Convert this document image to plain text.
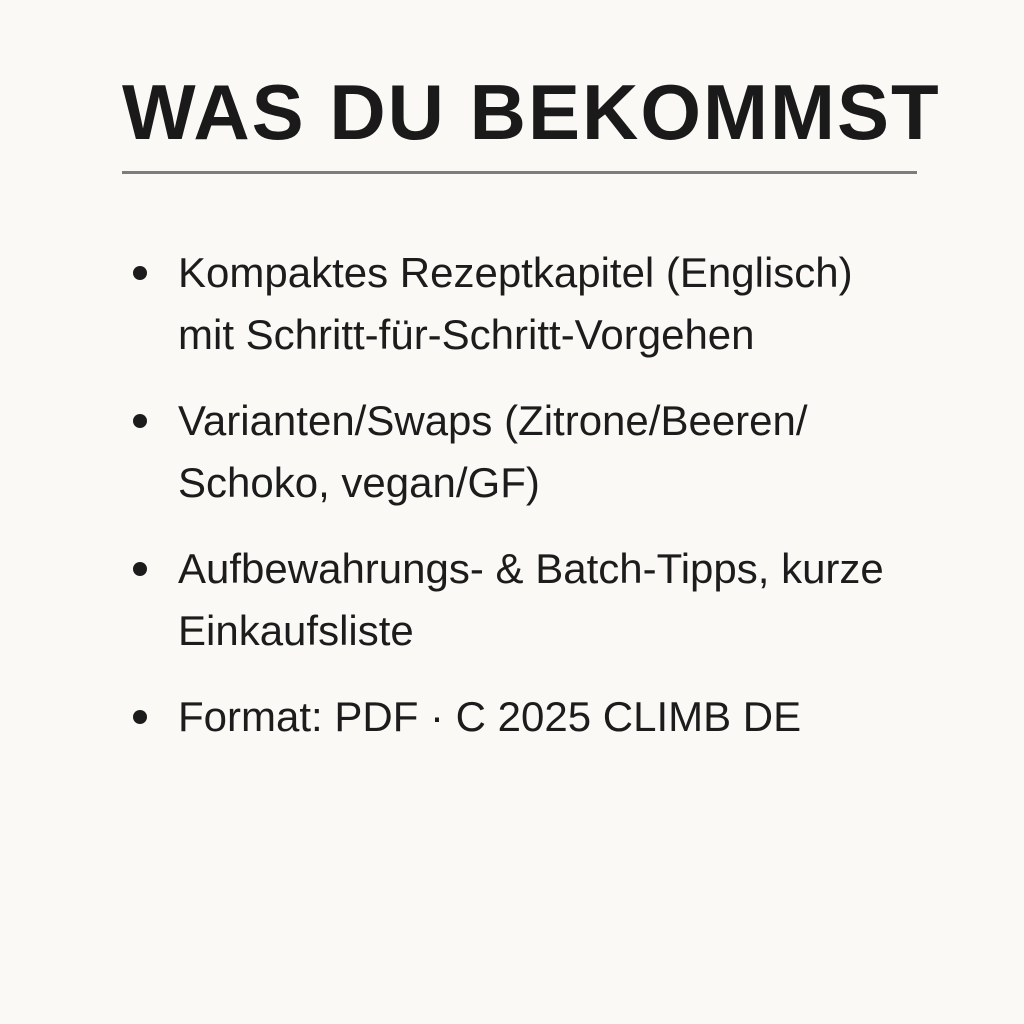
WAS DU BEKOMMST
Kompaktes Rezeptkapitel (Englisch) mit Schritt-für-Schritt-Vorgehen
Varianten/Swaps (Zitrone/Beeren/ Schoko, vegan/GF)
Aufbewahrungs- & Batch-Tipps, kurze Einkaufsliste
Format: PDF · C 2025 CLIMB DE
